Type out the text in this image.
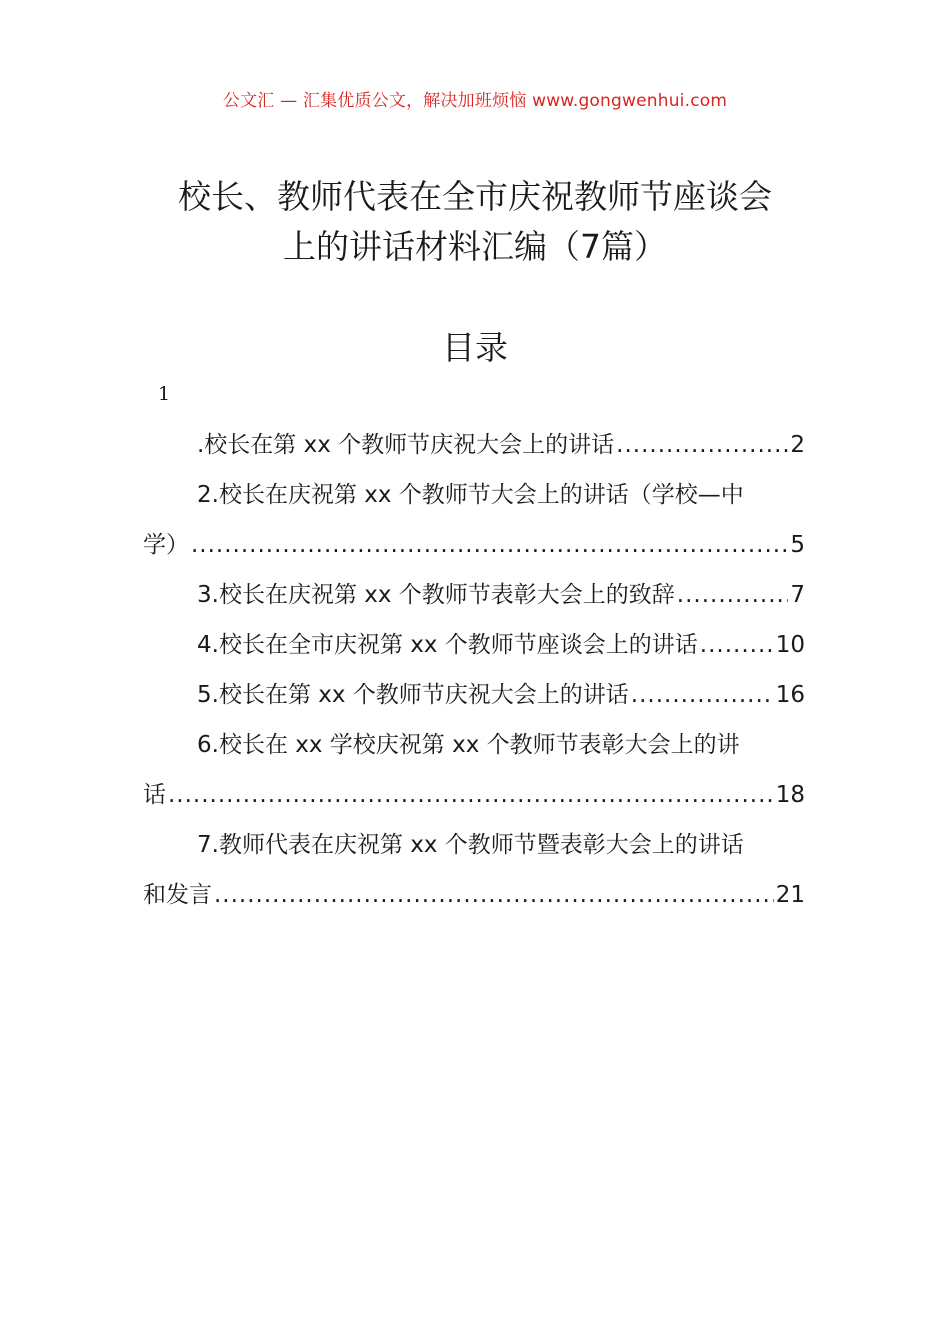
公文汇 — 汇集优质公文，解决加班烦恼 www.gongwenhui.com
校长、教师代表在全市庆祝教师节座谈会
上的讲话材料汇编（7篇）
目录
1
.校长在第 xx 个教师节庆祝大会上的讲话 .....	2
2.校长在庆祝第 xx 个教师节大会上的讲话（学校—中
学） .....	5
3.校长在庆祝第 xx 个教师节表彰大会上的致辞 .....	7
4.校长在全市庆祝第 xx 个教师节座谈会上的讲话 .....	10
5.校长在第 xx 个教师节庆祝大会上的讲话 .....	16
6.校长在 xx 学校庆祝第 xx 个教师节表彰大会上的讲
话 .....	18
7.教师代表在庆祝第 xx 个教师节暨表彰大会上的讲话
和发言 .....	21
